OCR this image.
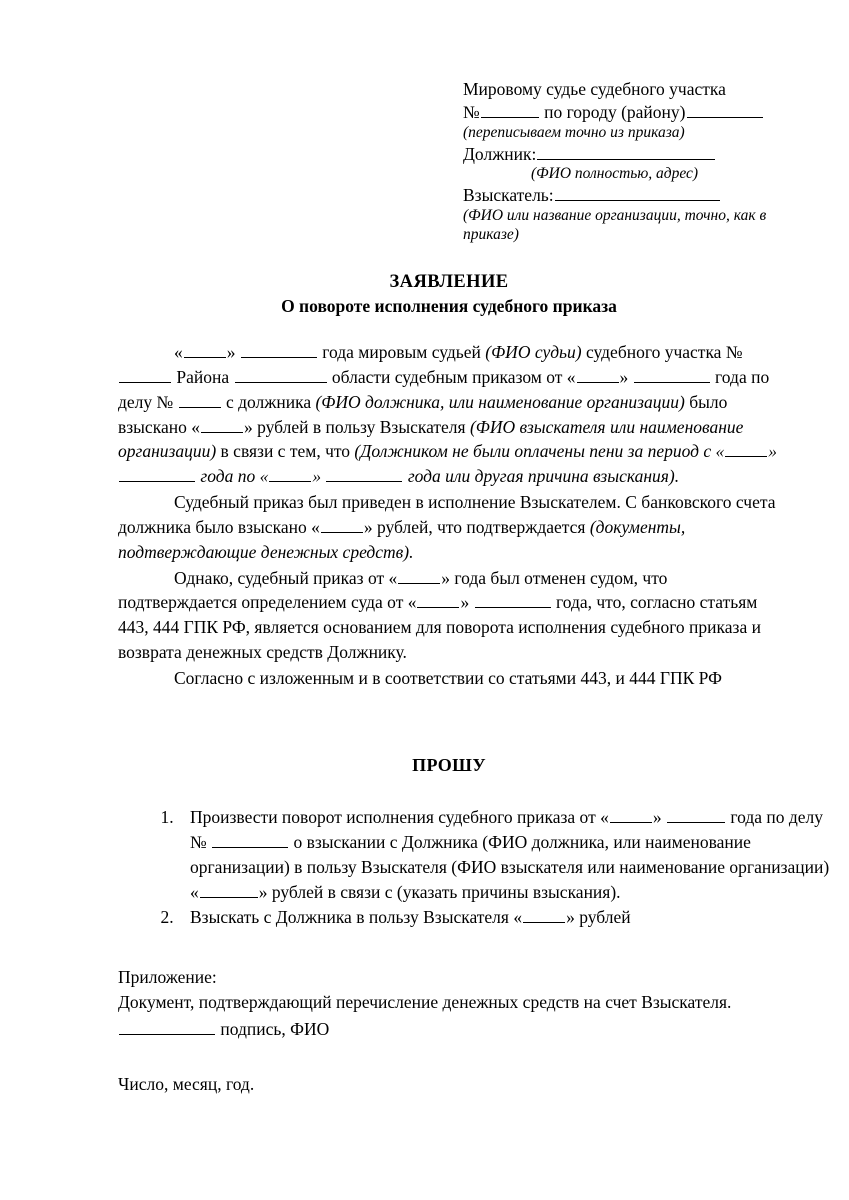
Мировому судье судебного участка
№	по городу (району)
(переписываем точно из приказа)
Должник:
(ФИО полностью, адрес)
Взыскатель:
(ФИО или название организации, точно, как в приказе)
ЗАЯВЛЕНИЕ
О повороте исполнения судебного приказа

«	»	года мировым судьей (ФИО судьи) судебного участка №  Района	области судебным приказом от «	»	года по делу №	с должника (ФИО должника, или наименование организации) было взыскано «	» рублей в пользу Взыскателя (ФИО взыскателя или наименование организации) в связи с тем, что (Должником не были оплачены пени за период с «	»  года по «	»	года или другая причина взыскания).

Судебный приказ был приведен в исполнение Взыскателем. С банковского счета должника было взыскано «	» рублей, что подтверждается (документы, подтверждающие денежных средств).

Однако, судебный приказ от «	» года был отменен судом, что подтверждается определением суда от «	»	года, что, согласно статьям 443, 444 ГПК РФ, является основанием для поворота исполнения судебного приказа и возврата денежных средств Должнику.

Согласно с изложенным и в соответствии со статьями 443, и 444 ГПК РФ

ПРОШУ
1. Произвести поворот исполнения судебного приказа от «	»	года по делу №	о взыскании с Должника (ФИО должника, или наименование организации) в пользу Взыскателя (ФИО взыскателя или наименование организации) «	» рублей в связи с (указать причины взыскания).
2. Взыскать с Должника в пользу Взыскателя «	» рублей
Приложение:
Документ, подтверждающий перечисление денежных средств на счет Взыскателя.
подпись, ФИО
Число, месяц, год.
